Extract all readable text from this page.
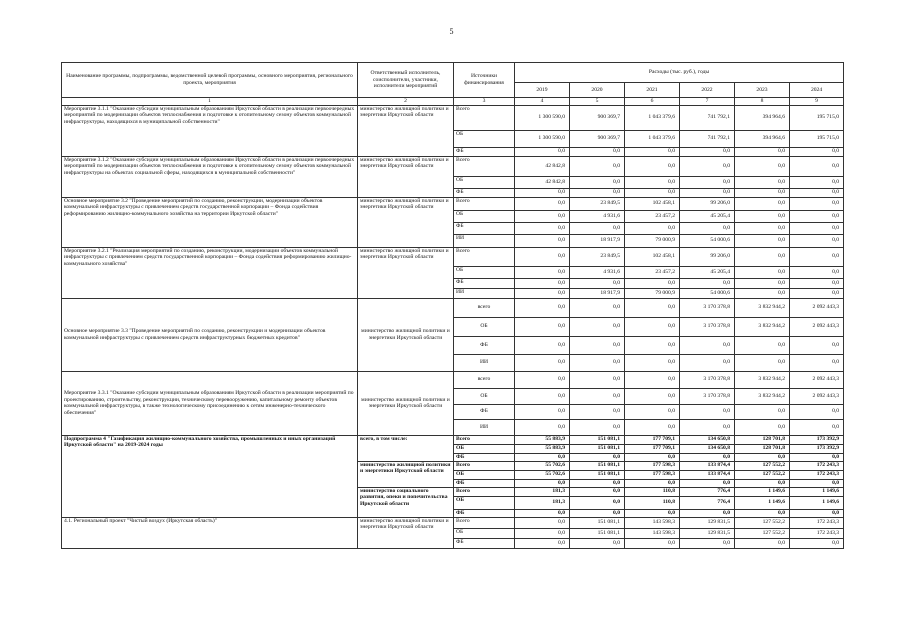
5
Наименование программы, подпрограммы, ведомственной целевой программы, основного мероприятия, регионального проекта, мероприятия	Ответственный исполнитель, соисполнители, участники, исполнители мероприятий	Источники финансирования	Расходы (тыс. руб.), годы					
			2019	2020	2021	2022	2023	2024
1	2	3	4	5	6	7	8	9
Мероприятие 3.1.1 "Оказание субсидии муниципальным образованиям Иркутской области в реализации первоочередных мероприятий по модернизации объектов теплоснабжения и подготовке к отопительному сезону объектов коммунальной инфраструктуры, находящихся в муниципальной собственности"	министерство жилищной политики и энергетики Иркутской области	Всего	1 300 590,0	900 369,7	1 043 379,6	741 792,1	394 964,6	195 715,0
		ОБ	1 300 590,0	900 369,7	1 043 379,6	741 792,1	394 964,6	195 715,0
		ФБ	0,0	0,0	0,0	0,0	0,0	0,0
Мероприятие 3.1.2 "Оказание субсидии муниципальным образованиям Иркутской области в реализации первоочередных мероприятий по модернизации объектов теплоснабжения и подготовке к отопительному сезону объектов коммунальной инфраструктуры на объектах социальной сферы, находящихся в муниципальной собственности"	министерство жилищной политики и энергетики Иркутской области	Всего	42 842,8	0,0	0,0	0,0	0,0	0,0
		ОБ	42 842,8	0,0	0,0	0,0	0,0	0,0
		ФБ	0,0	0,0	0,0	0,0	0,0	0,0
Основное мероприятие 3.2 "Проведение мероприятий по созданию, реконструкции, модернизации объектов коммунальной инфраструктуры с привлечением средств государственной корпорации – Фонда содействия реформированию жилищно-коммунального хозяйства на территории Иркутской области"	министерство жилищной политики и энергетики Иркутской области	Всего	0,0	23 849,5	102 458,1	99 206,0	0,0	0,0
		ОБ	0,0	4 931,6	23 457,2	45 205,4	0,0	0,0
		ФБ	0,0	0,0	0,0	0,0	0,0	0,0
		ИИ	0,0	18 917,9	79 000,9	54 000,6	0,0	0,0
Мероприятие 3.2.1 "Реализация мероприятий по созданию, реконструкции, модернизации объектов коммунальной инфраструктуры с привлечением средств государственной корпорации – Фонда содействия реформированию жилищно-коммунального хозяйства"	министерство жилищной политики и энергетики Иркутской области	Всего	0,0	23 849,5	102 458,1	99 206,0	0,0	0,0
		ОБ	0,0	4 931,6	23 457,2	45 205,4	0,0	0,0
		ФБ	0,0	0,0	0,0	0,0	0,0	0,0
		ИИ	0,0	18 917,9	79 000,9	54 000,6	0,0	0,0
Основное мероприятие 3.3 "Проведение мероприятий по созданию, реконструкции и модернизации объектов коммунальной инфраструктуры с привлечением средств инфраструктурных бюджетных кредитов"	министерство жилищной политики и энергетики Иркутской области	всего	0,0	0,0	0,0	3 170 378,8	3 832 944,2	2 092 443,3
		ОБ	0,0	0,0	0,0	3 170 378,8	3 832 944,2	2 092 443,3
		ФБ	0,0	0,0	0,0	0,0	0,0	0,0
		ИИ	0,0	0,0	0,0	0,0	0,0	0,0
Мероприятие 3.3.1 "Оказание субсидии муниципальным образованиям Иркутской области в реализации мероприятий по проектированию, строительству, реконструкции, техническому перевооружению, капитальному ремонту объектов коммунальной инфраструктуры, в также технологическому присоединению к сетям инженерно-технического обеспечения"	министерство жилищной политики и энергетики Иркутской области	всего	0,0	0,0	0,0	3 170 378,8	3 832 944,2	2 092 443,3
		ОБ	0,0	0,0	0,0	3 170 378,8	3 832 944,2	2 092 443,3
		ФБ	0,0	0,0	0,0	0,0	0,0	0,0
		ИИ	0,0	0,0	0,0	0,0	0,0	0,0
Подпрограмма 4 "Газификация жилищно-коммунального хозяйства, промышленных и иных организаций Иркутской области" на 2019-2024 годы	всего, в том числе:	Всего	55 883,9	151 081,1	177 709,1	134 650,8	128 701,8	173 392,9
		ОБ	55 883,9	151 081,1	177 709,1	134 650,8	128 701,8	173 392,9
		ФБ	0,0	0,0	0,0	0,0	0,0	0,0
	министерство жилищной политики и энергетики Иркутской области	Всего	55 702,6	151 081,1	177 598,3	133 874,4	127 552,2	172 243,3
		ОБ	55 702,6	151 081,1	177 598,3	133 874,4	127 552,2	172 243,3
		ФБ	0,0	0,0	0,0	0,0	0,0	0,0
	министерство социального развития, опеки и попечительства Иркутской области	Всего	181,3	0,0	110,8	776,4	1 149,6	1 149,6
		ОБ	181,3	0,0	110,8	776,4	1 149,6	1 149,6
		ФБ	0,0	0,0	0,0	0,0	0,0	0,0
4.1. Региональный проект "Чистый воздух (Иркутская область)"	министерство жилищной политики и энергетики Иркутской области	Всего	0,0	151 081,1	143 598,3	129 831,5	127 552,2	172 243,3
		ОБ	0,0	151 081,1	143 598,3	129 831,5	127 552,2	172 243,3
		ФБ	0,0	0,0	0,0	0,0	0,0	0,0
